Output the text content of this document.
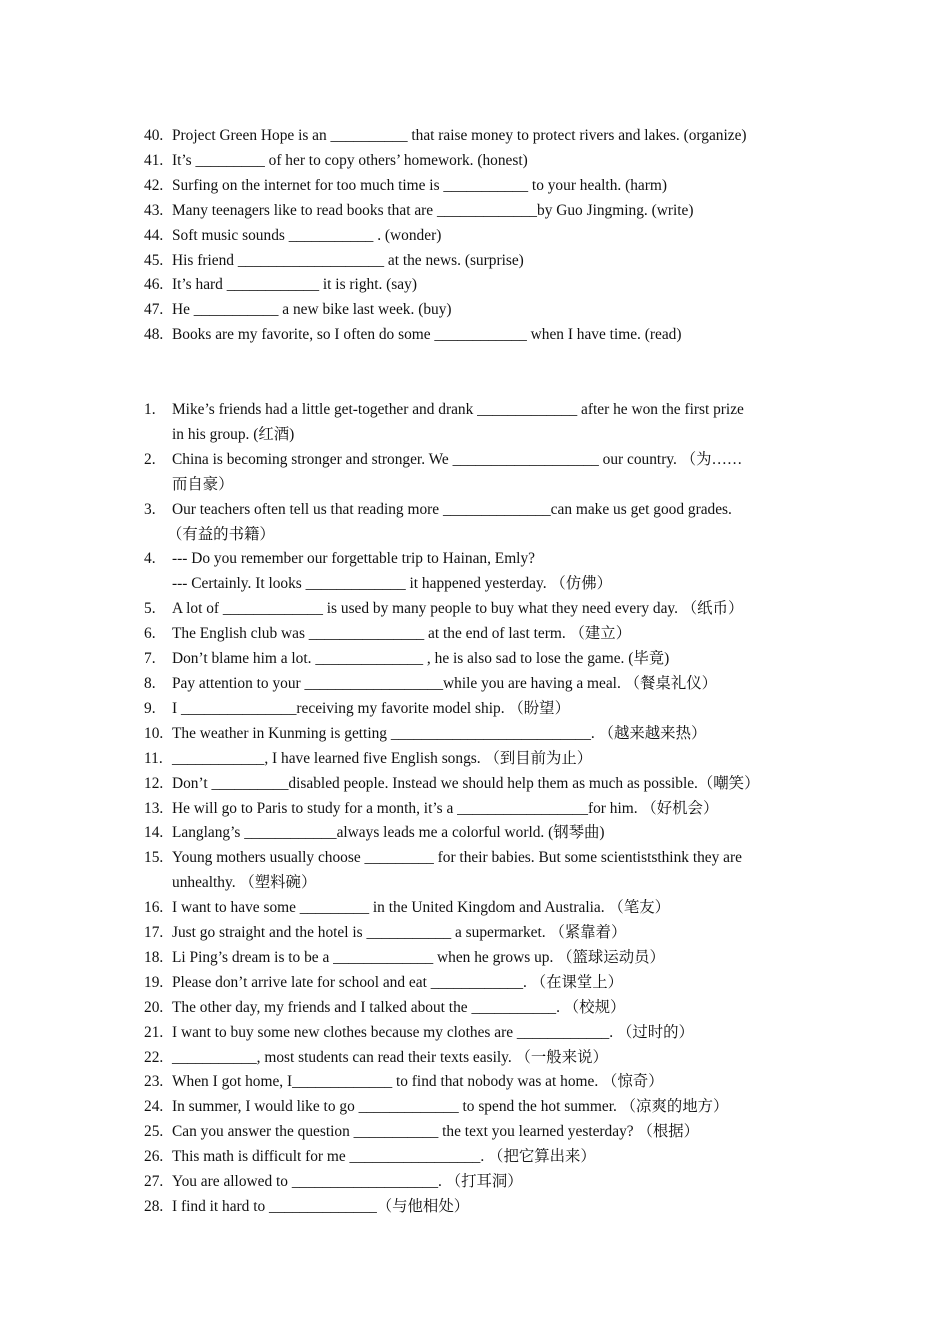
40. Project Green Hope is an __________ that raise money to protect rivers and lakes. (organize)
41. It’s _________ of her to copy others’ homework. (honest)
42. Surfing on the internet for too much time is ___________ to your health. (harm)
43. Many teenagers like to read books that are _____________by Guo Jingming. (write)
44. Soft music sounds ___________ . (wonder)
45. His friend ___________________ at the news. (surprise)
46. It’s hard ____________ it is right. (say)
47. He ___________ a new bike last week. (buy)
48. Books are my favorite, so I often do some ____________ when I have time. (read)
1. Mike’s friends had a little get-together and drank _____________ after he won the first prize
in his group. (红酒)
2. China is becoming stronger and stronger. We ___________________ our country. （为……
而自豪）
3. Our teachers often tell us that reading more ______________can make us get good grades.
（有益的书籍）
4. --- Do you remember our forgettable trip to Hainan, Emly?
--- Certainly. It looks _____________ it happened yesterday. （仿佛）
5. A lot of _____________ is used by many people to buy what they need every day. （纸币）
6. The English club was _______________ at the end of last term. （建立）
7. Don’t blame him a lot. ______________ , he is also sad to lose the game. (毕竟)
8. Pay attention to your __________________while you are having a meal. （餐桌礼仪）
9. I _______________receiving my favorite model ship. （盼望）
10. The weather in Kunming is getting __________________________. （越来越来热）
11. ____________, I have learned five English songs. （到目前为止）
12. Don’t __________disabled people. Instead we should help them as much as possible.（嘲笑）
13. He will go to Paris to study for a month, it’s a _________________for him. （好机会）
14. Langlang’s ____________always leads me a colorful world. (钢琴曲)
15. Young mothers usually choose _________ for their babies. But some scientiststhink they are
unhealthy. （塑料碗）
16. I want to have some _________ in the United Kingdom and Australia. （笔友）
17. Just go straight and the hotel is ___________ a supermarket. （紧靠着）
18. Li Ping’s dream is to be a _____________ when he grows up. （篮球运动员）
19. Please don’t arrive late for school and eat ____________. （在课堂上）
20. The other day, my friends and I talked about the ___________. （校规）
21. I want to buy some new clothes because my clothes are ____________. （过时的）
22. ___________, most students can read their texts easily. （一般来说）
23. When I got home, I_____________ to find that nobody was at home. （惊奇）
24. In summer, I would like to go _____________ to spend the hot summer. （凉爽的地方）
25. Can you answer the question ___________ the text you learned yesterday? （根据）
26. This math is difficult for me _________________. （把它算出来）
27. You are allowed to ___________________. （打耳洞）
28. I find it hard to ______________（与他相处）
